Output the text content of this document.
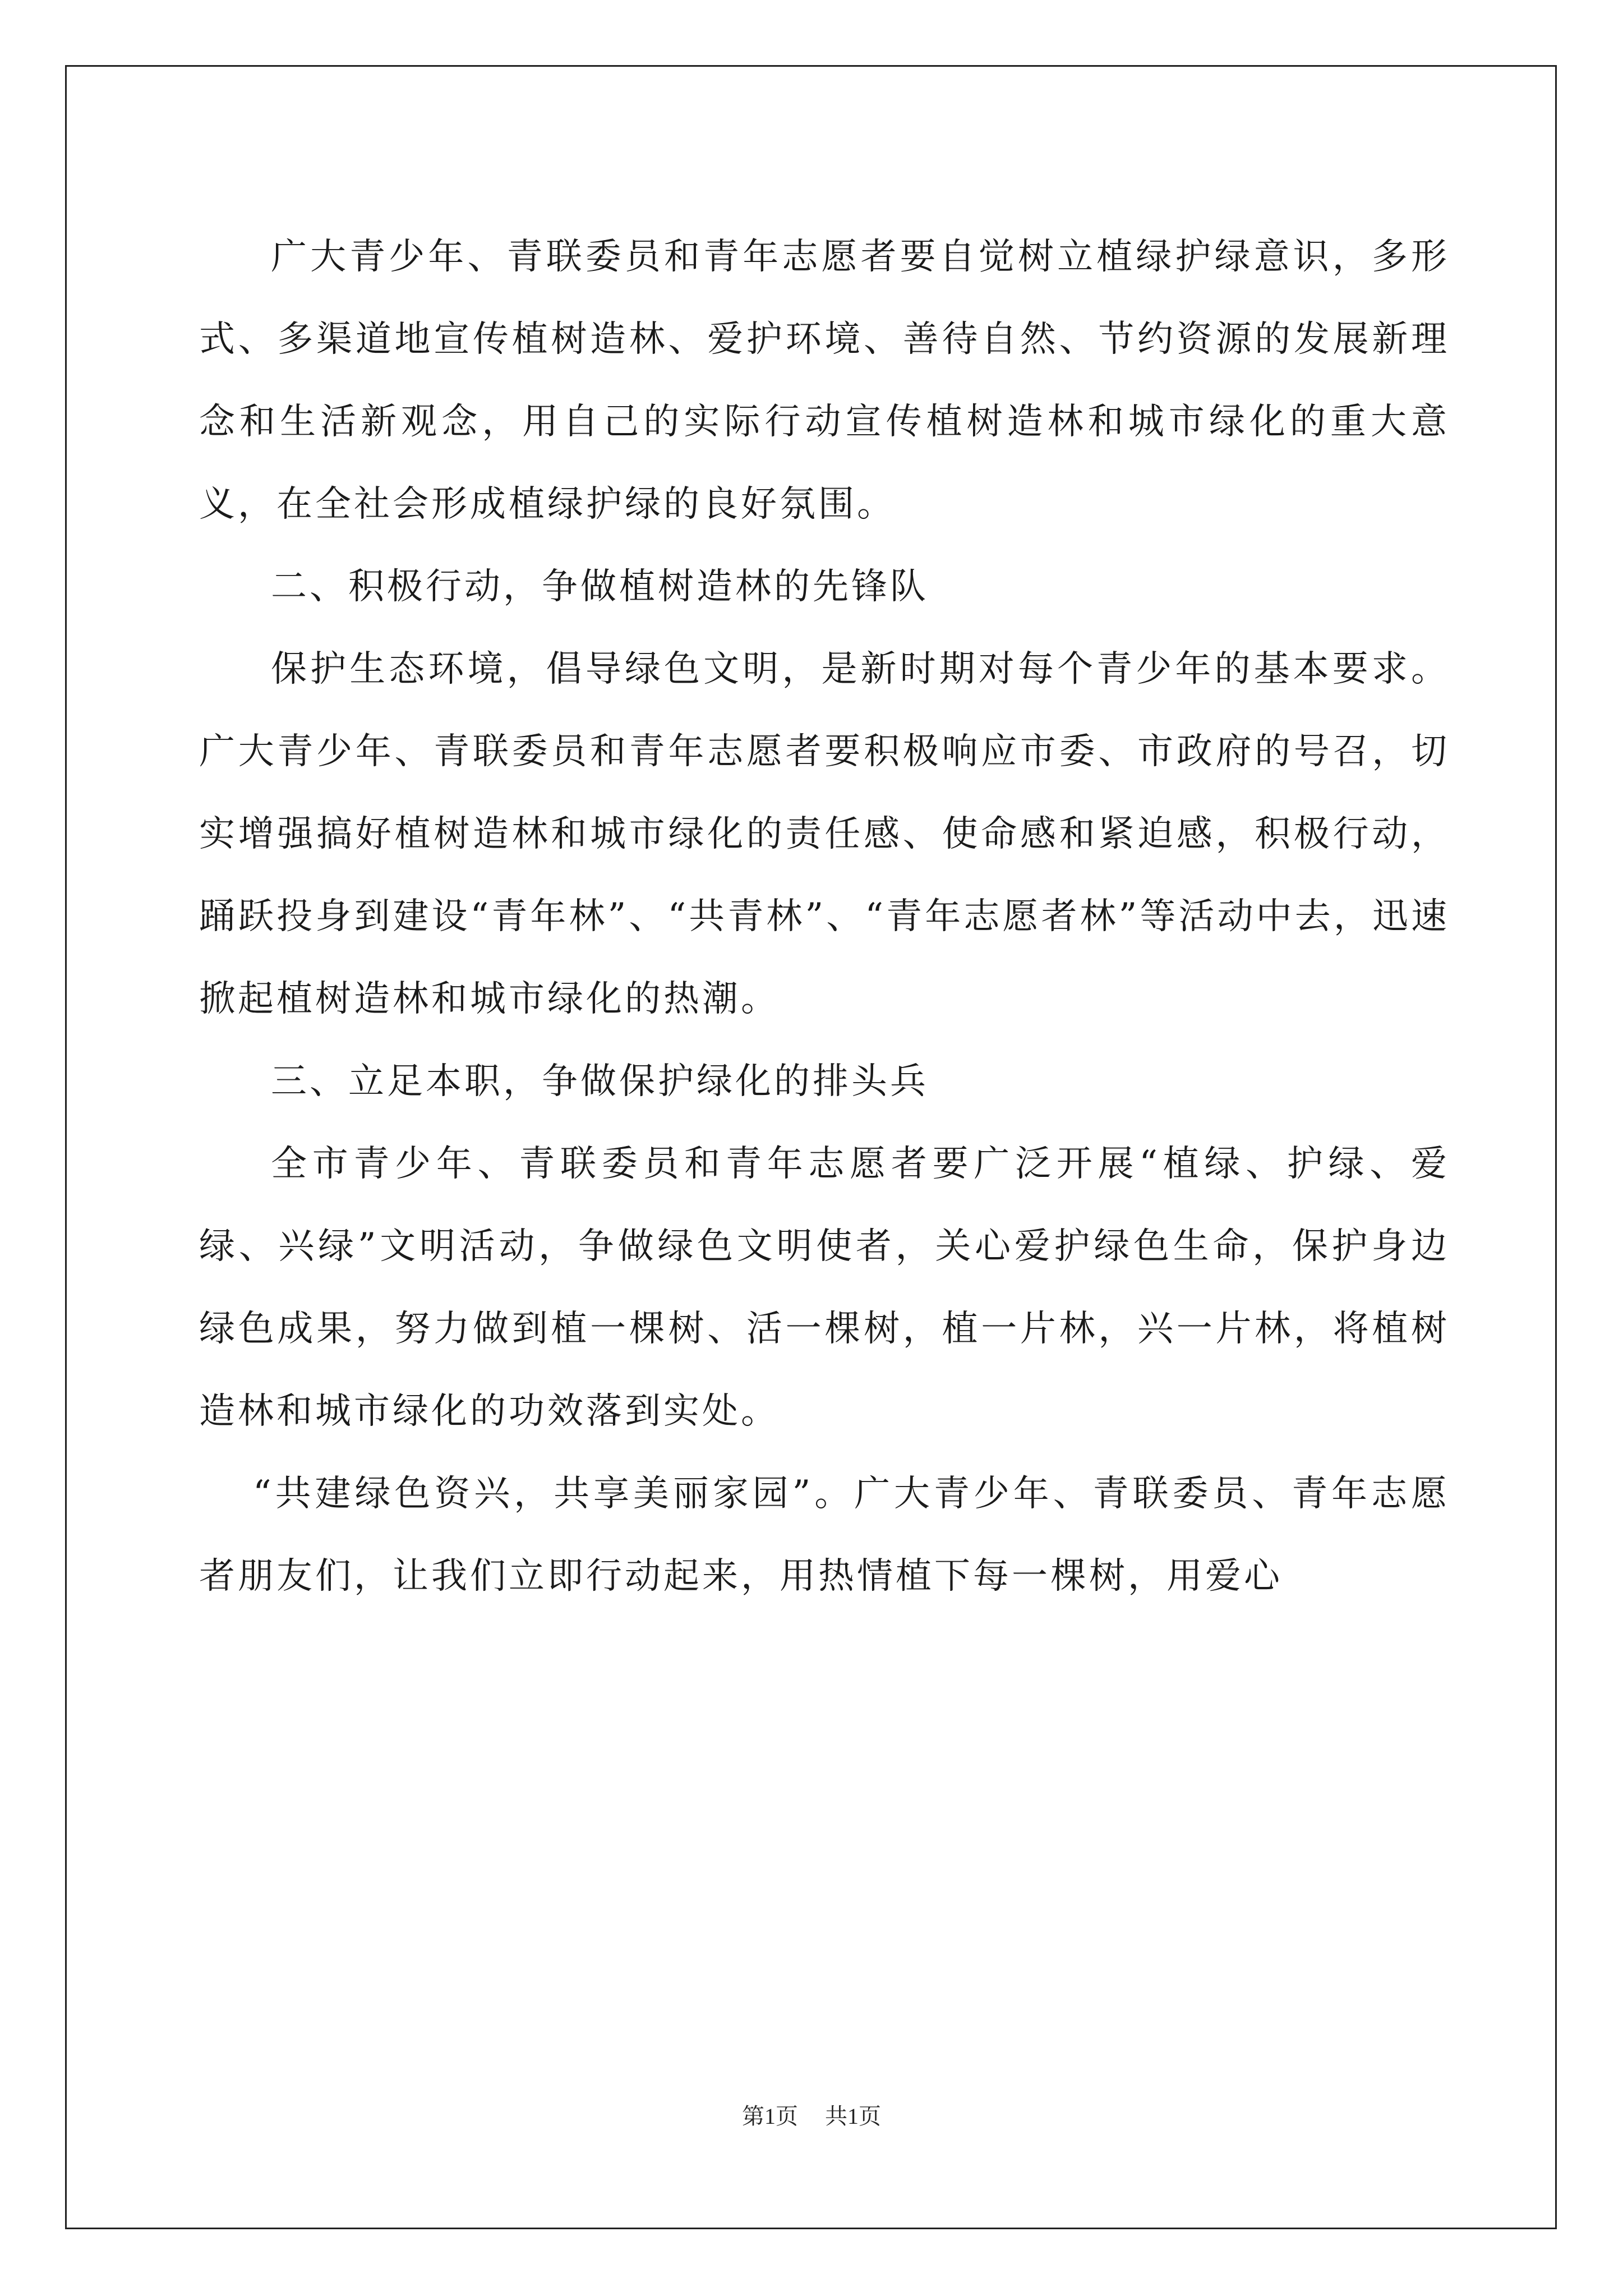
广大青少年、青联委员和青年志愿者要自觉树立植绿护绿意识，多形式、多渠道地宣传植树造林、爱护环境、善待自然、节约资源的发展新理念和生活新观念，用自己的实际行动宣传植树造林和城市绿化的重大意义，在全社会形成植绿护绿的良好氛围。

二、积极行动，争做植树造林的先锋队

保护生态环境，倡导绿色文明，是新时期对每个青少年的基本要求。广大青少年、青联委员和青年志愿者要积极响应市委、市政府的号召，切实增强搞好植树造林和城市绿化的责任感、使命感和紧迫感，积极行动，踊跃投身到建设“青年林”、“共青林”、“青年志愿者林”等活动中去，迅速掀起植树造林和城市绿化的热潮。

三、立足本职，争做保护绿化的排头兵

全市青少年、青联委员和青年志愿者要广泛开展“植绿、护绿、爱绿、兴绿”文明活动，争做绿色文明使者，关心爱护绿色生命，保护身边绿色成果，努力做到植一棵树、活一棵树，植一片林，兴一片林，将植树造林和城市绿化的功效落到实处。

“共建绿色资兴，共享美丽家园”。广大青少年、青联委员、青年志愿者朋友们，让我们立即行动起来，用热情植下每一棵树，用爱心

第1页 共1页
